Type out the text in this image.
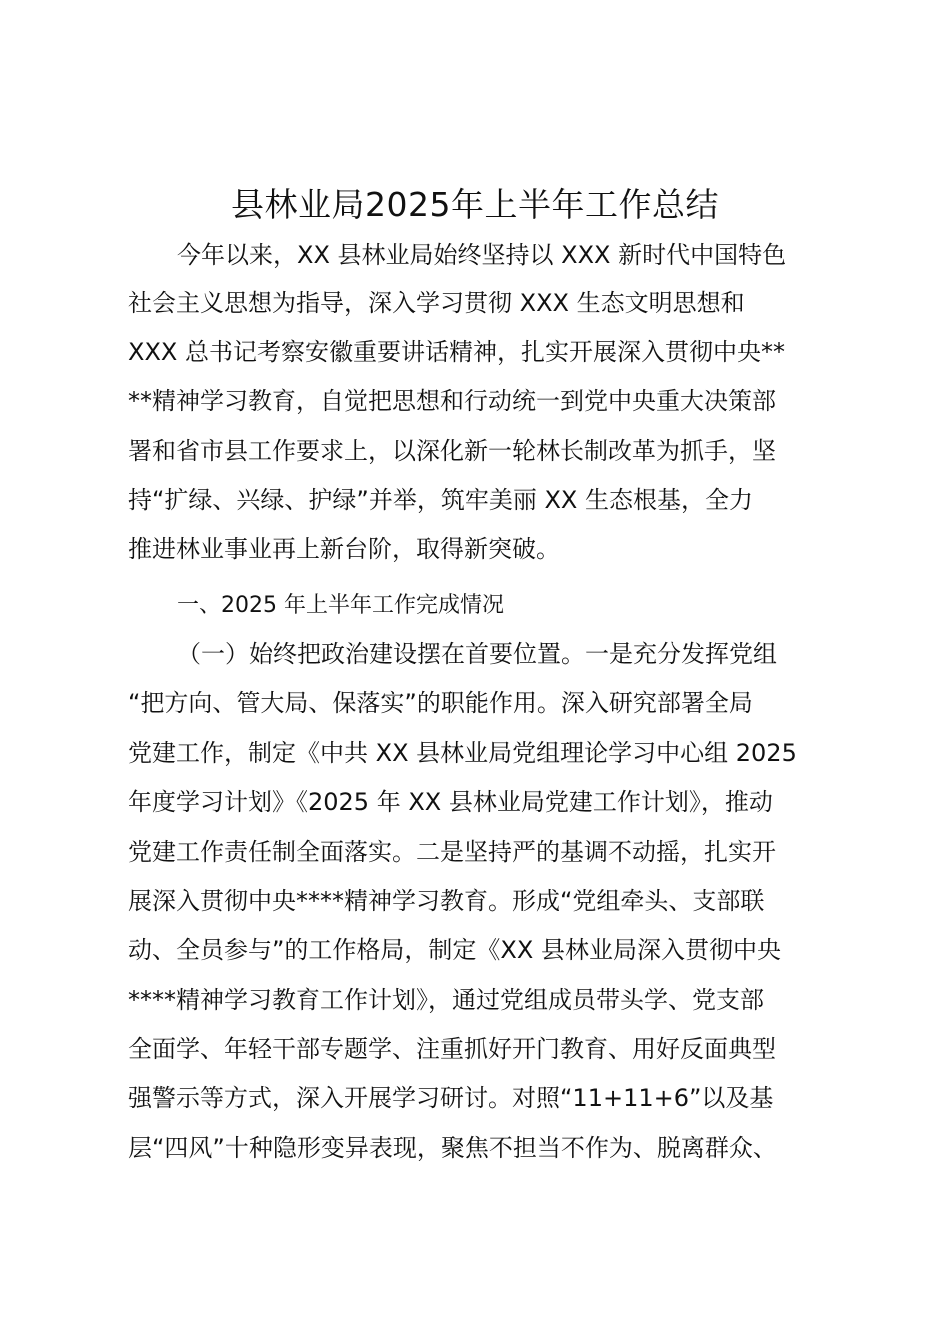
县林业局2025年上半年工作总结
今年以来，XX 县林业局始终坚持以 XXX 新时代中国特色
社会主义思想为指导，深入学习贯彻 XXX 生态文明思想和
XXX 总书记考察安徽重要讲话精神，扎实开展深入贯彻中央**
**精神学习教育，自觉把思想和行动统一到党中央重大决策部
署和省市县工作要求上，以深化新一轮林长制改革为抓手，坚
持“扩绿、兴绿、护绿”并举，筑牢美丽 XX 生态根基，全力
推进林业事业再上新台阶，取得新突破。
一、2025 年上半年工作完成情况
（一）始终把政治建设摆在首要位置。一是充分发挥党组
“把方向、管大局、保落实”的职能作用。深入研究部署全局
党建工作，制定《中共 XX 县林业局党组理论学习中心组 2025
年度学习计划》《2025 年 XX 县林业局党建工作计划》，推动
党建工作责任制全面落实。二是坚持严的基调不动摇，扎实开
展深入贯彻中央****精神学习教育。形成“党组牵头、支部联
动、全员参与”的工作格局，制定《XX 县林业局深入贯彻中央
****精神学习教育工作计划》，通过党组成员带头学、党支部
全面学、年轻干部专题学、注重抓好开门教育、用好反面典型
强警示等方式，深入开展学习研讨。对照“11+11+6”以及基
层“四风”十种隐形变异表现，聚焦不担当不作为、脱离群众、
